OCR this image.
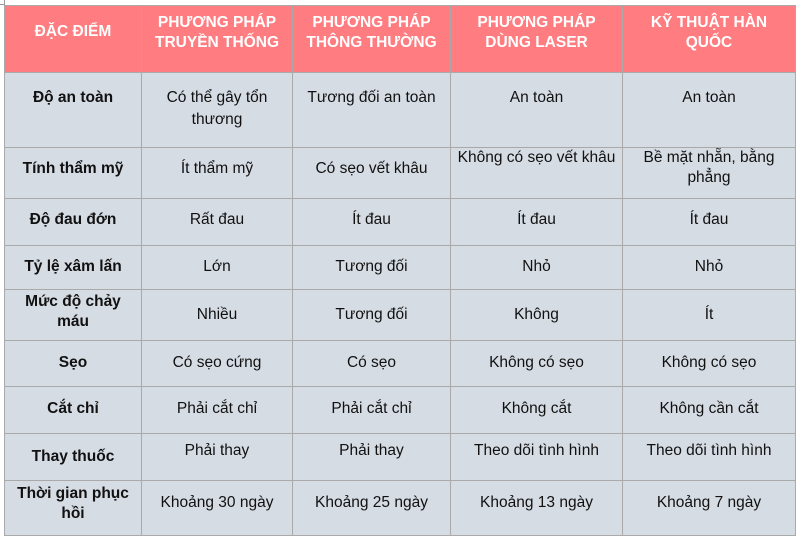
ĐẶC ĐIỂM	PHƯƠNG PHÁP TRUYỀN THỐNG	PHƯƠNG PHÁP THÔNG THƯỜNG	PHƯƠNG PHÁP DÙNG LASER	KỸ THUẬT HÀN QUỐC
Độ an toàn	Có thể gây tổn thương	Tương đối an toàn	An toàn	An toàn
Tính thẩm mỹ	Ít thẩm mỹ	Có sẹo vết khâu	Không có sẹo vết khâu	Bề mặt nhẵn, bằng phẳng
Độ đau đớn	Rất đau	Ít đau	Ít đau	Ít đau
Tỷ lệ xâm lấn	Lớn	Tương đối	Nhỏ	Nhỏ
Mức độ chảy máu	Nhiều	Tương đối	Không	Ít
Sẹo	Có sẹo cứng	Có sẹo	Không có sẹo	Không có sẹo
Cắt chỉ	Phải cắt chỉ	Phải cắt chỉ	Không cắt	Không cần cắt
Thay thuốc	Phải thay	Phải thay	Theo dõi tình hình	Theo dõi tình hình
Thời gian phục hồi	Khoảng 30 ngày	Khoảng 25 ngày	Khoảng 13 ngày	Khoảng 7 ngày
